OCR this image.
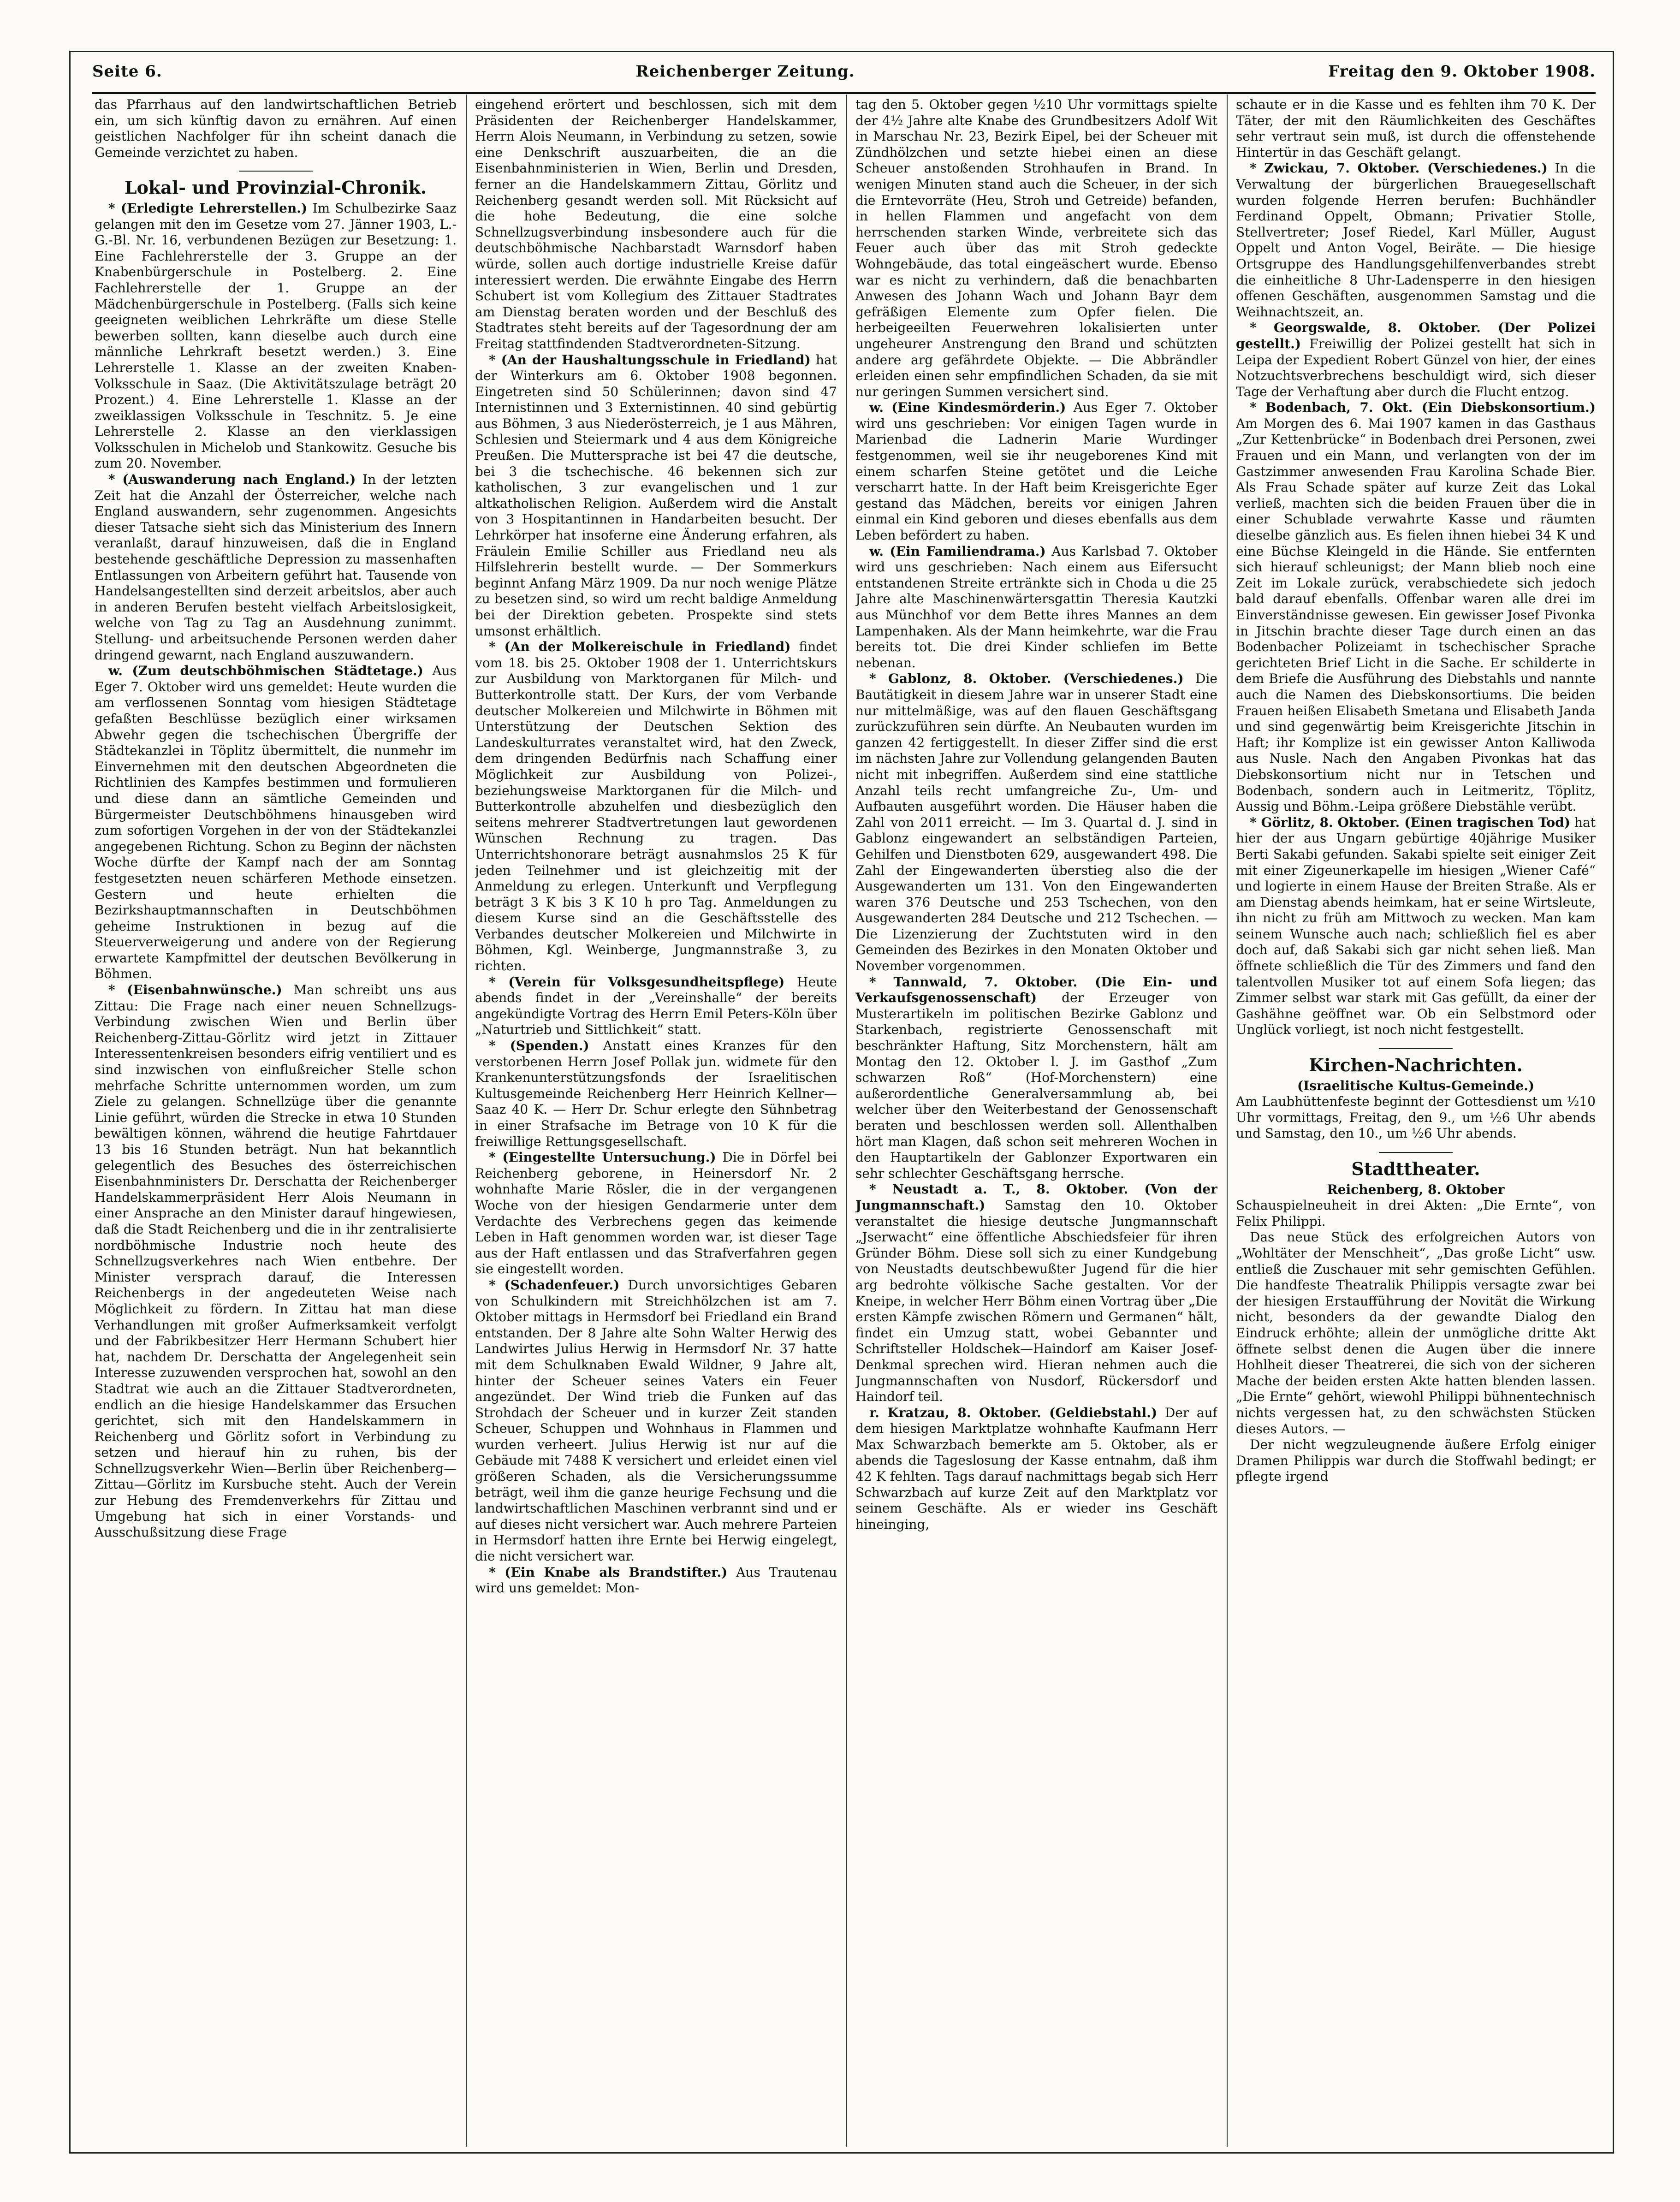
Seite 6.	Reichenberger Zeitung.	Freitag den 9. Oktober 1908.

das Pfarrhaus auf den landwirtschaftlichen Betrieb ein, um sich künftig davon zu ernähren. Auf einen geistlichen Nachfolger für ihn scheint danach die Gemeinde verzichtet zu haben.

Lokal- und Provinzial-Chronik.

* (Erledigte Lehrerstellen.) Im Schulbezirke Saaz gelangen mit den im Gesetze vom 27. Jänner 1903, L.-G.-Bl. Nr. 16, verbundenen Bezügen zur Besetzung: 1. Eine Fachlehrerstelle der 3. Gruppe an der Knabenbürgerschule in Postelberg. 2. Eine Fachlehrerstelle der 1. Gruppe an der Mädchenbürgerschule in Postelberg. (Falls sich keine geeigneten weiblichen Lehrkräfte um diese Stelle bewerben sollten, kann dieselbe auch durch eine männliche Lehrkraft besetzt werden.) 3. Eine Lehrerstelle 1. Klasse an der zweiten Knaben-Volksschule in Saaz. (Die Aktivitätszulage beträgt 20 Prozent.) 4. Eine Lehrerstelle 1. Klasse an der zweiklassigen Volksschule in Teschnitz. 5. Je eine Lehrerstelle 2. Klasse an den vierklassigen Volksschulen in Michelob und Stankowitz. Gesuche bis zum 20. November.

* (Auswanderung nach England.) In der letzten Zeit hat die Anzahl der Österreicher, welche nach England auswandern, sehr zugenommen. Angesichts dieser Tatsache sieht sich das Ministerium des Innern veranlaßt, darauf hinzuweisen, daß die in England bestehende geschäftliche Depression zu massenhaften Entlassungen von Arbeitern geführt hat. Tausende von Handelsangestellten sind derzeit arbeitslos, aber auch in anderen Berufen besteht vielfach Arbeitslosigkeit, welche von Tag zu Tag an Ausdehnung zunimmt. Stellung- und arbeitsuchende Personen werden daher dringend gewarnt, nach England auszuwandern.

w. (Zum deutschböhmischen Städtetage.) Aus Eger 7. Oktober wird uns gemeldet: Heute wurden die am verflossenen Sonntag vom hiesigen Städtetage gefaßten Beschlüsse bezüglich einer wirksamen Abwehr gegen die tschechischen Übergriffe der Städtekanzlei in Töplitz übermittelt, die nunmehr im Einvernehmen mit den deutschen Abgeordneten die Richtlinien des Kampfes bestimmen und formulieren und diese dann an sämtliche Gemeinden und Bürgermeister Deutschböhmens hinausgeben wird zum sofortigen Vorgehen in der von der Städtekanzlei angegebenen Richtung. Schon zu Beginn der nächsten Woche dürfte der Kampf nach der am Sonntag festgesetzten neuen schärferen Methode einsetzen. Gestern und heute erhielten die Bezirkshauptmannschaften in Deutschböhmen geheime Instruktionen in bezug auf die Steuerverweigerung und andere von der Regierung erwartete Kampfmittel der deutschen Bevölkerung in Böhmen.

* (Eisenbahnwünsche.) Man schreibt uns aus Zittau: Die Frage nach einer neuen Schnellzugs-Verbindung zwischen Wien und Berlin über Reichenberg-Zittau-Görlitz wird jetzt in Zittauer Interessentenkreisen besonders eifrig ventiliert und es sind inzwischen von einflußreicher Stelle schon mehrfache Schritte unternommen worden, um zum Ziele zu gelangen. Schnellzüge über die genannte Linie geführt, würden die Strecke in etwa 10 Stunden bewältigen können, während die heutige Fahrtdauer 13 bis 16 Stunden beträgt. Nun hat bekanntlich gelegentlich des Besuches des österreichischen Eisenbahnministers Dr. Derschatta der Reichenberger Handelskammerpräsident Herr Alois Neumann in einer Ansprache an den Minister darauf hingewiesen, daß die Stadt Reichenberg und die in ihr zentralisierte nordböhmische Industrie noch heute des Schnellzugsverkehres nach Wien entbehre. Der Minister versprach darauf, die Interessen Reichenbergs in der angedeuteten Weise nach Möglichkeit zu fördern. In Zittau hat man diese Verhandlungen mit großer Aufmerksamkeit verfolgt und der Fabrikbesitzer Herr Hermann Schubert hier hat, nachdem Dr. Derschatta der Angelegenheit sein Interesse zuzuwenden versprochen hat, sowohl an den Stadtrat wie auch an die Zittauer Stadtverordneten, endlich an die hiesige Handelskammer das Ersuchen gerichtet, sich mit den Handelskammern in Reichenberg und Görlitz sofort in Verbindung zu setzen und hierauf hin zu ruhen, bis der Schnellzugsverkehr Wien—Berlin über Reichenberg—Zittau—Görlitz im Kursbuche steht. Auch der Verein zur Hebung des Fremdenverkehrs für Zittau und Umgebung hat sich in einer Vorstands- und Ausschußsitzung diese Frage

eingehend erörtert und beschlossen, sich mit dem Präsidenten der Reichenberger Handelskammer, Herrn Alois Neumann, in Verbindung zu setzen, sowie eine Denkschrift auszuarbeiten, die an die Eisenbahnministerien in Wien, Berlin und Dresden, ferner an die Handelskammern Zittau, Görlitz und Reichenberg gesandt werden soll. Mit Rücksicht auf die hohe Bedeutung, die eine solche Schnellzugsverbindung insbesondere auch für die deutschböhmische Nachbarstadt Warnsdorf haben würde, sollen auch dortige industrielle Kreise dafür interessiert werden. Die erwähnte Eingabe des Herrn Schubert ist vom Kollegium des Zittauer Stadtrates am Dienstag beraten worden und der Beschluß des Stadtrates steht bereits auf der Tagesordnung der am Freitag stattfindenden Stadtverordneten-Sitzung.

* (An der Haushaltungsschule in Friedland) hat der Winterkurs am 6. Oktober 1908 begonnen. Eingetreten sind 50 Schülerinnen; davon sind 47 Internistinnen und 3 Externistinnen. 40 sind gebürtig aus Böhmen, 3 aus Niederösterreich, je 1 aus Mähren, Schlesien und Steiermark und 4 aus dem Königreiche Preußen. Die Muttersprache ist bei 47 die deutsche, bei 3 die tschechische. 46 bekennen sich zur katholischen, 3 zur evangelischen und 1 zur altkatholischen Religion. Außerdem wird die Anstalt von 3 Hospitantinnen in Handarbeiten besucht. Der Lehrkörper hat insoferne eine Änderung erfahren, als Fräulein Emilie Schiller aus Friedland neu als Hilfslehrerin bestellt wurde. — Der Sommerkurs beginnt Anfang März 1909. Da nur noch wenige Plätze zu besetzen sind, so wird um recht baldige Anmeldung bei der Direktion gebeten. Prospekte sind stets umsonst erhältlich.

* (An der Molkereischule in Friedland) findet vom 18. bis 25. Oktober 1908 der 1. Unterrichtskurs zur Ausbildung von Marktorganen für Milch- und Butterkontrolle statt. Der Kurs, der vom Verbande deutscher Molkereien und Milchwirte in Böhmen mit Unterstützung der Deutschen Sektion des Landeskulturrates veranstaltet wird, hat den Zweck, dem dringenden Bedürfnis nach Schaffung einer Möglichkeit zur Ausbildung von Polizei-, beziehungsweise Marktorganen für die Milch- und Butterkontrolle abzuhelfen und diesbezüglich den seitens mehrerer Stadtvertretungen laut gewordenen Wünschen Rechnung zu tragen. Das Unterrichtshonorare beträgt ausnahmslos 25 K für jeden Teilnehmer und ist gleichzeitig mit der Anmeldung zu erlegen. Unterkunft und Verpflegung beträgt 3 K bis 3 K 10 h pro Tag. Anmeldungen zu diesem Kurse sind an die Geschäftsstelle des Verbandes deutscher Molkereien und Milchwirte in Böhmen, Kgl. Weinberge, Jungmannstraße 3, zu richten.

* (Verein für Volksgesundheitspflege) Heute abends findet in der „Vereinshalle“ der bereits angekündigte Vortrag des Herrn Emil Peters-Köln über „Naturtrieb und Sittlichkeit“ statt.

* (Spenden.) Anstatt eines Kranzes für den verstorbenen Herrn Josef Pollak jun. widmete für den Krankenunterstützungsfonds der Israelitischen Kultusgemeinde Reichenberg Herr Heinrich Kellner—Saaz 40 K. — Herr Dr. Schur erlegte den Sühnbetrag in einer Strafsache im Betrage von 10 K für die freiwillige Rettungsgesellschaft.

* (Eingestellte Untersuchung.) Die in Dörfel bei Reichenberg geborene, in Heinersdorf Nr. 2 wohnhafte Marie Rösler, die in der vergangenen Woche von der hiesigen Gendarmerie unter dem Verdachte des Verbrechens gegen das keimende Leben in Haft genommen worden war, ist dieser Tage aus der Haft entlassen und das Strafverfahren gegen sie eingestellt worden.

* (Schadenfeuer.) Durch unvorsichtiges Gebaren von Schulkindern mit Streichhölzchen ist am 7. Oktober mittags in Hermsdorf bei Friedland ein Brand entstanden. Der 8 Jahre alte Sohn Walter Herwig des Landwirtes Julius Herwig in Hermsdorf Nr. 37 hatte mit dem Schulknaben Ewald Wildner, 9 Jahre alt, hinter der Scheuer seines Vaters ein Feuer angezündet. Der Wind trieb die Funken auf das Strohdach der Scheuer und in kurzer Zeit standen Scheuer, Schuppen und Wohnhaus in Flammen und wurden verheert. Julius Herwig ist nur auf die Gebäude mit 7488 K versichert und erleidet einen viel größeren Schaden, als die Versicherungssumme beträgt, weil ihm die ganze heurige Fechsung und die landwirtschaftlichen Maschinen verbrannt sind und er auf dieses nicht versichert war. Auch mehrere Parteien in Hermsdorf hatten ihre Ernte bei Herwig eingelegt, die nicht versichert war.

* (Ein Knabe als Brandstifter.) Aus Trautenau wird uns gemeldet: Mon-

tag den 5. Oktober gegen ½10 Uhr vormittags spielte der 4½ Jahre alte Knabe des Grundbesitzers Adolf Wit in Marschau Nr. 23, Bezirk Eipel, bei der Scheuer mit Zündhölzchen und setzte hiebei einen an diese Scheuer anstoßenden Strohhaufen in Brand. In wenigen Minuten stand auch die Scheuer, in der sich die Erntevorräte (Heu, Stroh und Getreide) befanden, in hellen Flammen und angefacht von dem herrschenden starken Winde, verbreitete sich das Feuer auch über das mit Stroh gedeckte Wohngebäude, das total eingeäschert wurde. Ebenso war es nicht zu verhindern, daß die benachbarten Anwesen des Johann Wach und Johann Bayr dem gefräßigen Elemente zum Opfer fielen. Die herbeigeeilten Feuerwehren lokalisierten unter ungeheurer Anstrengung den Brand und schützten andere arg gefährdete Objekte. — Die Abbrändler erleiden einen sehr empfindlichen Schaden, da sie mit nur geringen Summen versichert sind.

w. (Eine Kindesmörderin.) Aus Eger 7. Oktober wird uns geschrieben: Vor einigen Tagen wurde in Marienbad die Ladnerin Marie Wurdinger festgenommen, weil sie ihr neugeborenes Kind mit einem scharfen Steine getötet und die Leiche verscharrt hatte. In der Haft beim Kreisgerichte Eger gestand das Mädchen, bereits vor einigen Jahren einmal ein Kind geboren und dieses ebenfalls aus dem Leben befördert zu haben.

w. (Ein Familiendrama.) Aus Karlsbad 7. Oktober wird uns geschrieben: Nach einem aus Eifersucht entstandenen Streite ertränkte sich in Choda u die 25 Jahre alte Maschinenwärtersgattin Theresia Kautzki aus Münchhof vor dem Bette ihres Mannes an dem Lampenhaken. Als der Mann heimkehrte, war die Frau bereits tot. Die drei Kinder schliefen im Bette nebenan.

* Gablonz, 8. Oktober. (Verschiedenes.) Die Bautätigkeit in diesem Jahre war in unserer Stadt eine nur mittelmäßige, was auf den flauen Geschäftsgang zurückzuführen sein dürfte. An Neubauten wurden im ganzen 42 fertiggestellt. In dieser Ziffer sind die erst im nächsten Jahre zur Vollendung gelangenden Bauten nicht mit inbegriffen. Außerdem sind eine stattliche Anzahl teils recht umfangreiche Zu-, Um- und Aufbauten ausgeführt worden. Die Häuser haben die Zahl von 2011 erreicht. — Im 3. Quartal d. J. sind in Gablonz eingewandert an selbständigen Parteien, Gehilfen und Dienstboten 629, ausgewandert 498. Die Zahl der Eingewanderten überstieg also die der Ausgewanderten um 131. Von den Eingewanderten waren 376 Deutsche und 253 Tschechen, von den Ausgewanderten 284 Deutsche und 212 Tschechen. — Die Lizenzierung der Zuchtstuten wird in den Gemeinden des Bezirkes in den Monaten Oktober und November vorgenommen.

* Tannwald, 7. Oktober. (Die Ein- und Verkaufsgenossenschaft) der Erzeuger von Musterartikeln im politischen Bezirke Gablonz und Starkenbach, registrierte Genossenschaft mit beschränkter Haftung, Sitz Morchenstern, hält am Montag den 12. Oktober l. J. im Gasthof „Zum schwarzen Roß“ (Hof-Morchenstern) eine außerordentliche Generalversammlung ab, bei welcher über den Weiterbestand der Genossenschaft beraten und beschlossen werden soll. Allenthalben hört man Klagen, daß schon seit mehreren Wochen in den Hauptartikeln der Gablonzer Exportwaren ein sehr schlechter Geschäftsgang herrsche.

* Neustadt a. T., 8. Oktober. (Von der Jungmannschaft.) Samstag den 10. Oktober veranstaltet die hiesige deutsche Jungmannschaft „Jserwacht“ eine öffentliche Abschiedsfeier für ihren Gründer Böhm. Diese soll sich zu einer Kundgebung von Neustadts deutschbewußter Jugend für die hier arg bedrohte völkische Sache gestalten. Vor der Kneipe, in welcher Herr Böhm einen Vortrag über „Die ersten Kämpfe zwischen Römern und Germanen“ hält, findet ein Umzug statt, wobei Gebannter und Schriftsteller Holdschek—Haindorf am Kaiser Josef-Denkmal sprechen wird. Hieran nehmen auch die Jungmannschaften von Nusdorf, Rückersdorf und Haindorf teil.

r. Kratzau, 8. Oktober. (Geldiebstahl.) Der auf dem hiesigen Marktplatze wohnhafte Kaufmann Herr Max Schwarzbach bemerkte am 5. Oktober, als er abends die Tageslosung der Kasse entnahm, daß ihm 42 K fehlten. Tags darauf nachmittags begab sich Herr Schwarzbach auf kurze Zeit auf den Marktplatz vor seinem Geschäfte. Als er wieder ins Geschäft hineinging,

schaute er in die Kasse und es fehlten ihm 70 K. Der Täter, der mit den Räumlichkeiten des Geschäftes sehr vertraut sein muß, ist durch die offenstehende Hintertür in das Geschäft gelangt.

* Zwickau, 7. Oktober. (Verschiedenes.) In die Verwaltung der bürgerlichen Brauegesellschaft wurden folgende Herren berufen: Buchhändler Ferdinand Oppelt, Obmann; Privatier Stolle, Stellvertreter; Josef Riedel, Karl Müller, August Oppelt und Anton Vogel, Beiräte. — Die hiesige Ortsgruppe des Handlungsgehilfenverbandes strebt die einheitliche 8 Uhr-Ladensperre in den hiesigen offenen Geschäften, ausgenommen Samstag und die Weihnachtszeit, an.

* Georgswalde, 8. Oktober. (Der Polizei gestellt.) Freiwillig der Polizei gestellt hat sich in Leipa der Expedient Robert Günzel von hier, der eines Notzuchtsverbrechens beschuldigt wird, sich dieser Tage der Verhaftung aber durch die Flucht entzog.

* Bodenbach, 7. Okt. (Ein Diebskonsortium.) Am Morgen des 6. Mai 1907 kamen in das Gasthaus „Zur Kettenbrücke“ in Bodenbach drei Personen, zwei Frauen und ein Mann, und verlangten von der im Gastzimmer anwesenden Frau Karolina Schade Bier. Als Frau Schade später auf kurze Zeit das Lokal verließ, machten sich die beiden Frauen über die in einer Schublade verwahrte Kasse und räumten dieselbe gänzlich aus. Es fielen ihnen hiebei 34 K und eine Büchse Kleingeld in die Hände. Sie entfernten sich hierauf schleunigst; der Mann blieb noch eine Zeit im Lokale zurück, verabschiedete sich jedoch bald darauf ebenfalls. Offenbar waren alle drei im Einverständnisse gewesen. Ein gewisser Josef Pivonka in Jitschin brachte dieser Tage durch einen an das Bodenbacher Polizeiamt in tschechischer Sprache gerichteten Brief Licht in die Sache. Er schilderte in dem Briefe die Ausführung des Diebstahls und nannte auch die Namen des Diebskonsortiums. Die beiden Frauen heißen Elisabeth Smetana und Elisabeth Janda und sind gegenwärtig beim Kreisgerichte Jitschin in Haft; ihr Komplize ist ein gewisser Anton Kalliwoda aus Nusle. Nach den Angaben Pivonkas hat das Diebskonsortium nicht nur in Tetschen und Bodenbach, sondern auch in Leitmeritz, Töplitz, Aussig und Böhm.-Leipa größere Diebstähle verübt.

* Görlitz, 8. Oktober. (Einen tragischen Tod) hat hier der aus Ungarn gebürtige 40jährige Musiker Berti Sakabi gefunden. Sakabi spielte seit einiger Zeit mit einer Zigeunerkapelle im hiesigen „Wiener Café“ und logierte in einem Hause der Breiten Straße. Als er am Dienstag abends heimkam, hat er seine Wirtsleute, ihn nicht zu früh am Mittwoch zu wecken. Man kam seinem Wunsche auch nach; schließlich fiel es aber doch auf, daß Sakabi sich gar nicht sehen ließ. Man öffnete schließlich die Tür des Zimmers und fand den talentvollen Musiker tot auf einem Sofa liegen; das Zimmer selbst war stark mit Gas gefüllt, da einer der Gashähne geöffnet war. Ob ein Selbstmord oder Unglück vorliegt, ist noch nicht festgestellt.

Kirchen-Nachrichten.

(Israelitische Kultus-Gemeinde.)

Am Laubhüttenfeste beginnt der Gottesdienst um ½10 Uhr vormittags, Freitag, den 9., um ½6 Uhr abends und Samstag, den 10., um ½6 Uhr abends.

Stadttheater.

Reichenberg, 8. Oktober

Schauspielneuheit in drei Akten: „Die Ernte“, von Felix Philippi.

Das neue Stück des erfolgreichen Autors von „Wohltäter der Menschheit“, „Das große Licht“ usw. entließ die Zuschauer mit sehr gemischten Gefühlen. Die handfeste Theatralik Philippis versagte zwar bei der hiesigen Erstaufführung der Novität die Wirkung nicht, besonders da der gewandte Dialog den Eindruck erhöhte; allein der unmögliche dritte Akt öffnete selbst denen die Augen über die innere Hohlheit dieser Theatrerei, die sich von der sicheren Mache der beiden ersten Akte hatten blenden lassen. „Die Ernte“ gehört, wiewohl Philippi bühnentechnisch nichts vergessen hat, zu den schwächsten Stücken dieses Autors. —

Der nicht wegzuleugnende äußere Erfolg einiger Dramen Philippis war durch die Stoffwahl bedingt; er pflegte irgend
